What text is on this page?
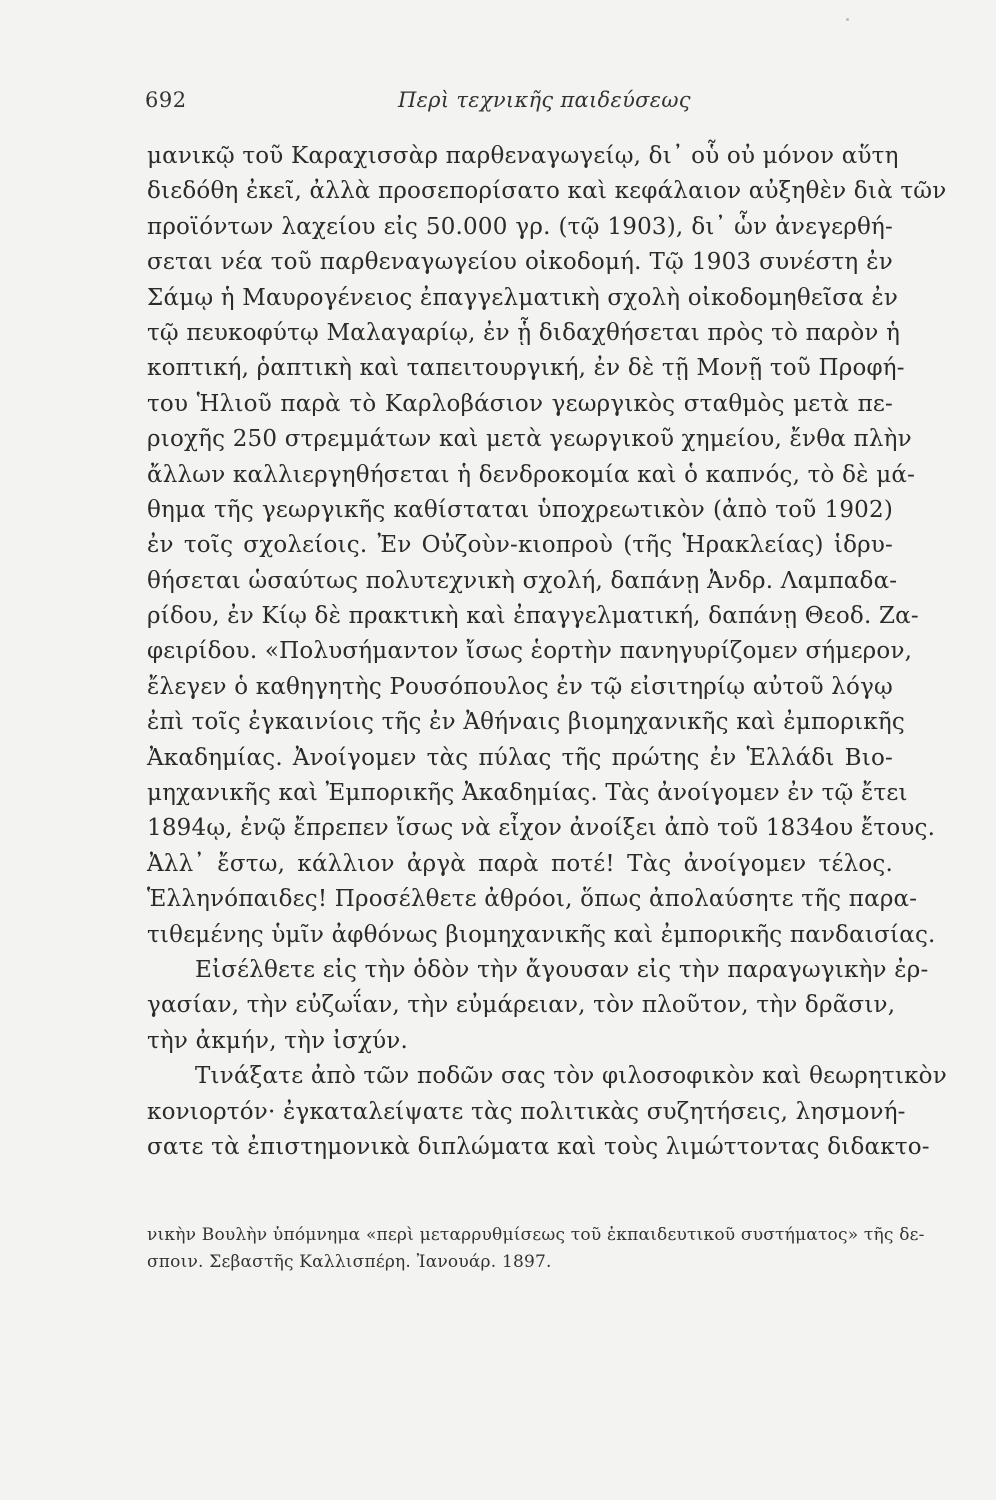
692	Περὶ τεχνικῆς παιδεύσεως
μανικῷ τοῦ Καραχισσὰρ παρθεναγωγείῳ, δι᾽ οὗ οὐ μόνον αὕτη
διεδόθη ἐκεῖ, ἀλλὰ προσεπορίσατο καὶ κεφάλαιον αὐξηθὲν διὰ τῶν
προϊόντων λαχείου εἰς 50.000 γρ. (τῷ 1903), δι᾽ ὧν ἀνεγερθή-
σεται νέα τοῦ παρθεναγωγείου οἰκοδομή. Τῷ 1903 συνέστη ἐν
Σάμῳ ἡ Μαυρογένειος ἐπαγγελματικὴ σχολὴ οἰκοδομηθεῖσα ἐν
τῷ πευκοφύτῳ Μαλαγαρίῳ, ἐν ᾗ διδαχθήσεται πρὸς τὸ παρὸν ἡ
κοπτική, ῥαπτικὴ καὶ ταπειτουργική, ἐν δὲ τῇ Μονῇ τοῦ Προφή-
του Ἡλιοῦ παρὰ τὸ Καρλοβάσιον γεωργικὸς σταθμὸς μετὰ πε-
ριοχῆς 250 στρεμμάτων καὶ μετὰ γεωργικοῦ χημείου, ἔνθα πλὴν
ἄλλων καλλιεργηθήσεται ἡ δενδροκομία καὶ ὁ καπνός, τὸ δὲ μά-
θημα τῆς γεωργικῆς καθίσταται ὑποχρεωτικὸν (ἀπὸ τοῦ 1902)
ἐν τοῖς σχολείοις. Ἐν Οὐζοὺν-κιοπροὺ (τῆς Ἡρακλείας) ἱδρυ-
θήσεται ὡσαύτως πολυτεχνικὴ σχολή, δαπάνῃ Ἀνδρ. Λαμπαδα-
ρίδου, ἐν Κίῳ δὲ πρακτικὴ καὶ ἐπαγγελματική, δαπάνῃ Θεοδ. Ζα-
φειρίδου. «Πολυσήμαντον ἴσως ἑορτὴν πανηγυρίζομεν σήμερον,
ἔλεγεν ὁ καθηγητὴς Ρουσόπουλος ἐν τῷ εἰσιτηρίῳ αὐτοῦ λόγῳ
ἐπὶ τοῖς ἐγκαινίοις τῆς ἐν Ἀθήναις βιομηχανικῆς καὶ ἐμπορικῆς
Ἀκαδημίας. Ἀνοίγομεν τὰς πύλας τῆς πρώτης ἐν Ἑλλάδι Βιο-
μηχανικῆς καὶ Ἐμπορικῆς Ἀκαδημίας. Τὰς ἀνοίγομεν ἐν τῷ ἔτει
1894ῳ, ἐνῷ ἔπρεπεν ἴσως νὰ εἶχον ἀνοίξει ἀπὸ τοῦ 1834ου ἔτους.
Ἀλλ᾽ ἔστω, κάλλιον ἀργὰ παρὰ ποτέ! Τὰς ἀνοίγομεν τέλος.
Ἑλληνόπαιδες! Προσέλθετε ἀθρόοι, ὅπως ἀπολαύσητε τῆς παρα-
τιθεμένης ὑμῖν ἀφθόνως βιομηχανικῆς καὶ ἐμπορικῆς πανδαισίας.
Εἰσέλθετε εἰς τὴν ὁδὸν τὴν ἄγουσαν εἰς τὴν παραγωγικὴν ἐρ-
γασίαν, τὴν εὐζωΐαν, τὴν εὐμάρειαν, τὸν πλοῦτον, τὴν δρᾶσιν,
τὴν ἀκμήν, τὴν ἰσχύν.
Τινάξατε ἀπὸ τῶν ποδῶν σας τὸν φιλοσοφικὸν καὶ θεωρητικὸν
κονιορτόν· ἐγκαταλείψατε τὰς πολιτικὰς συζητήσεις, λησμονή-
σατε τὰ ἐπιστημονικὰ διπλώματα καὶ τοὺς λιμώττοντας διδακτο-
νικὴν Βουλὴν ὑπόμνημα «περὶ μεταρρυθμίσεως τοῦ ἐκπαιδευτικοῦ συστήματος» τῆς δε-
σποιν. Σεβαστῆς Καλλισπέρη. Ἰανουάρ. 1897.
